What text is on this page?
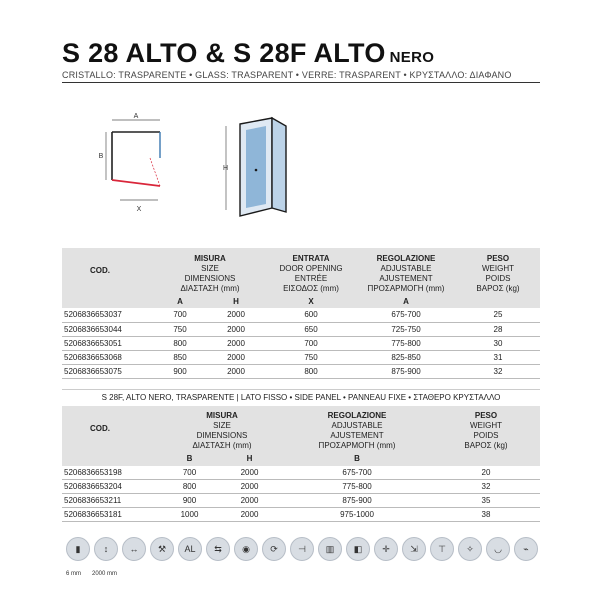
S 28 ALTO & S 28F ALTO NERO
CRISTALLO: TRASPARENTE • GLASS: TRASPARENT • VERRE: TRASPARENT • ΚΡΥΣΤΑΛΛΟ: ΔΙΑΦΑΝΟ
A
B
X
H
COD.	MISURA
SIZE
DIMENSIONS
ΔΙΑΣΤΑΣΗ (mm)		ENTRATA
DOOR OPENING
ENTRÉE
ΕΙΣΟΔΟΣ (mm)	REGOLAZIONE
ADJUSTABLE
AJUSTEMENT
ΠΡΟΣΑΡΜΟΓΗ (mm)	PESO
WEIGHT
POIDS
ΒΑΡΟΣ (kg)

	A	H	X	A	
5206836653037	700	2000	600	675-700	25
5206836653044	750	2000	650	725-750	28
5206836653051	800	2000	700	775-800	30
5206836653068	850	2000	750	825-850	31
5206836653075	900	2000	800	875-900	32
S 28F, ALTO NERO, TRASPARENTE | LATO FISSO • SIDE PANEL • PANNEAU FIXE • ΣΤΑΘΕΡΟ ΚΡΥΣΤΑΛΛΟ				
COD.	MISURA
SIZE
DIMENSIONS
ΔΙΑΣΤΑΣΗ (mm)		REGOLAZIONE
ADJUSTABLE
AJUSTEMENT
ΠΡΟΣΑΡΜΟΓΗ (mm)	PESO
WEIGHT
POIDS
ΒΑΡΟΣ (kg)

	B	H	B	
5206836653198	700	2000	675-700	20
5206836653204	800	2000	775-800	32
5206836653211	900	2000	875-900	35
5206836653181	1000	2000	975-1000	38
6 mm 2000 mm
▮	↕	↔	⚒	AL	⇆	◉	⟳	⊣	▥	◧	✛	⇲	⊤	✧	◡	⌁
